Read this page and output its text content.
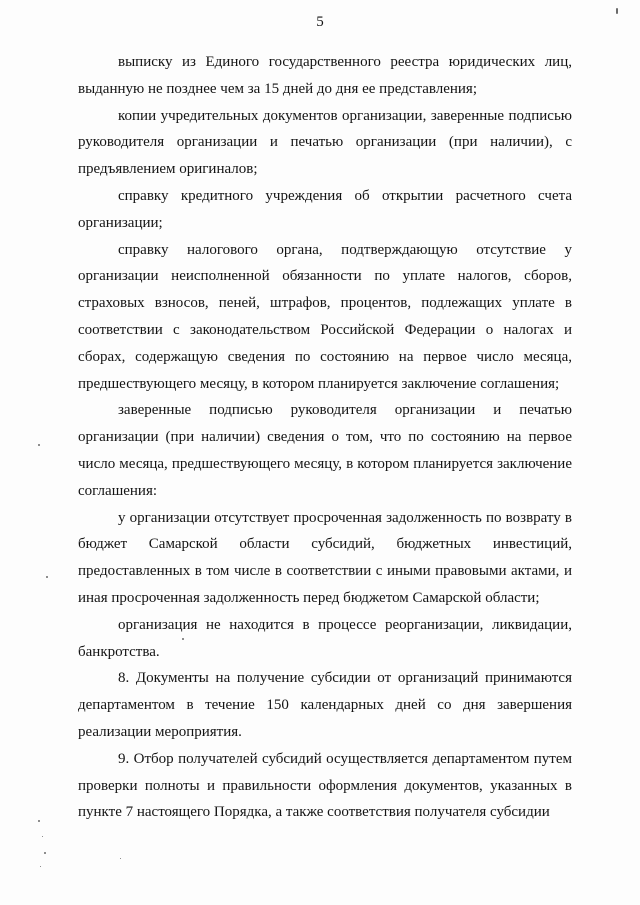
5

выписку из Единого государственного реестра юридических лиц, выданную не позднее чем за 15 дней до дня ее представления;

копии учредительных документов организации, заверенные подписью руководителя организации и печатью организации (при наличии), с предъявлением оригиналов;

справку кредитного учреждения об открытии расчетного счета организации;

справку налогового органа, подтверждающую отсутствие у организации неисполненной обязанности по уплате налогов, сборов, страховых взносов, пеней, штрафов, процентов, подлежащих уплате в соответствии с законодательством Российской Федерации о налогах и сборах, содержащую сведения по состоянию на первое число месяца, предшествующего месяцу, в котором планируется заключение соглашения;

заверенные подписью руководителя организации и печатью организации (при наличии) сведения о том, что по состоянию на первое число месяца, предшествующего месяцу, в котором планируется заключение соглашения:

у организации отсутствует просроченная задолженность по возврату в бюджет Самарской области субсидий, бюджетных инвестиций, предоставленных в том числе в соответствии с иными правовыми актами, и иная просроченная задолженность перед бюджетом Самарской области;

организация не находится в процессе реорганизации, ликвидации, банкротства.

8. Документы на получение субсидии от организаций принимаются департаментом в течение 150 календарных дней со дня завершения реализации мероприятия.

9. Отбор получателей субсидий осуществляется департаментом путем проверки полноты и правильности оформления документов, указанных в пункте 7 настоящего Порядка, а также соответствия получателя субсидии
